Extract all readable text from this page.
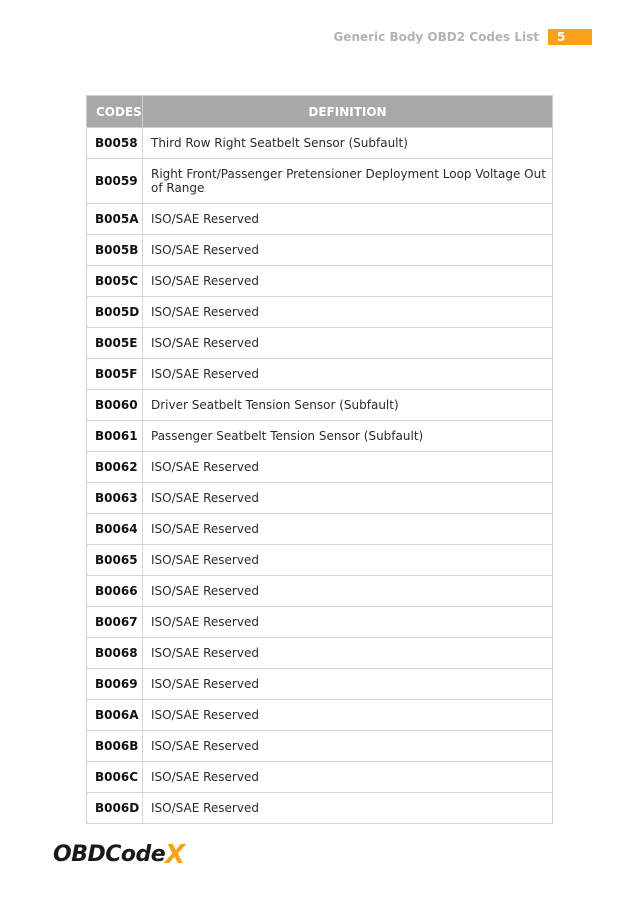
Generic Body OBD2 Codes List	5
CODES	DEFINITION
B0058	Third Row Right Seatbelt Sensor (Subfault)
B0059	Right Front/Passenger Pretensioner Deployment Loop Voltage Out of Range
B005A	ISO/SAE Reserved
B005B	ISO/SAE Reserved
B005C	ISO/SAE Reserved
B005D	ISO/SAE Reserved
B005E	ISO/SAE Reserved
B005F	ISO/SAE Reserved
B0060	Driver Seatbelt Tension Sensor (Subfault)
B0061	Passenger Seatbelt Tension Sensor (Subfault)
B0062	ISO/SAE Reserved
B0063	ISO/SAE Reserved
B0064	ISO/SAE Reserved
B0065	ISO/SAE Reserved
B0066	ISO/SAE Reserved
B0067	ISO/SAE Reserved
B0068	ISO/SAE Reserved
B0069	ISO/SAE Reserved
B006A	ISO/SAE Reserved
B006B	ISO/SAE Reserved
B006C	ISO/SAE Reserved
B006D	ISO/SAE Reserved
OBDCode X
